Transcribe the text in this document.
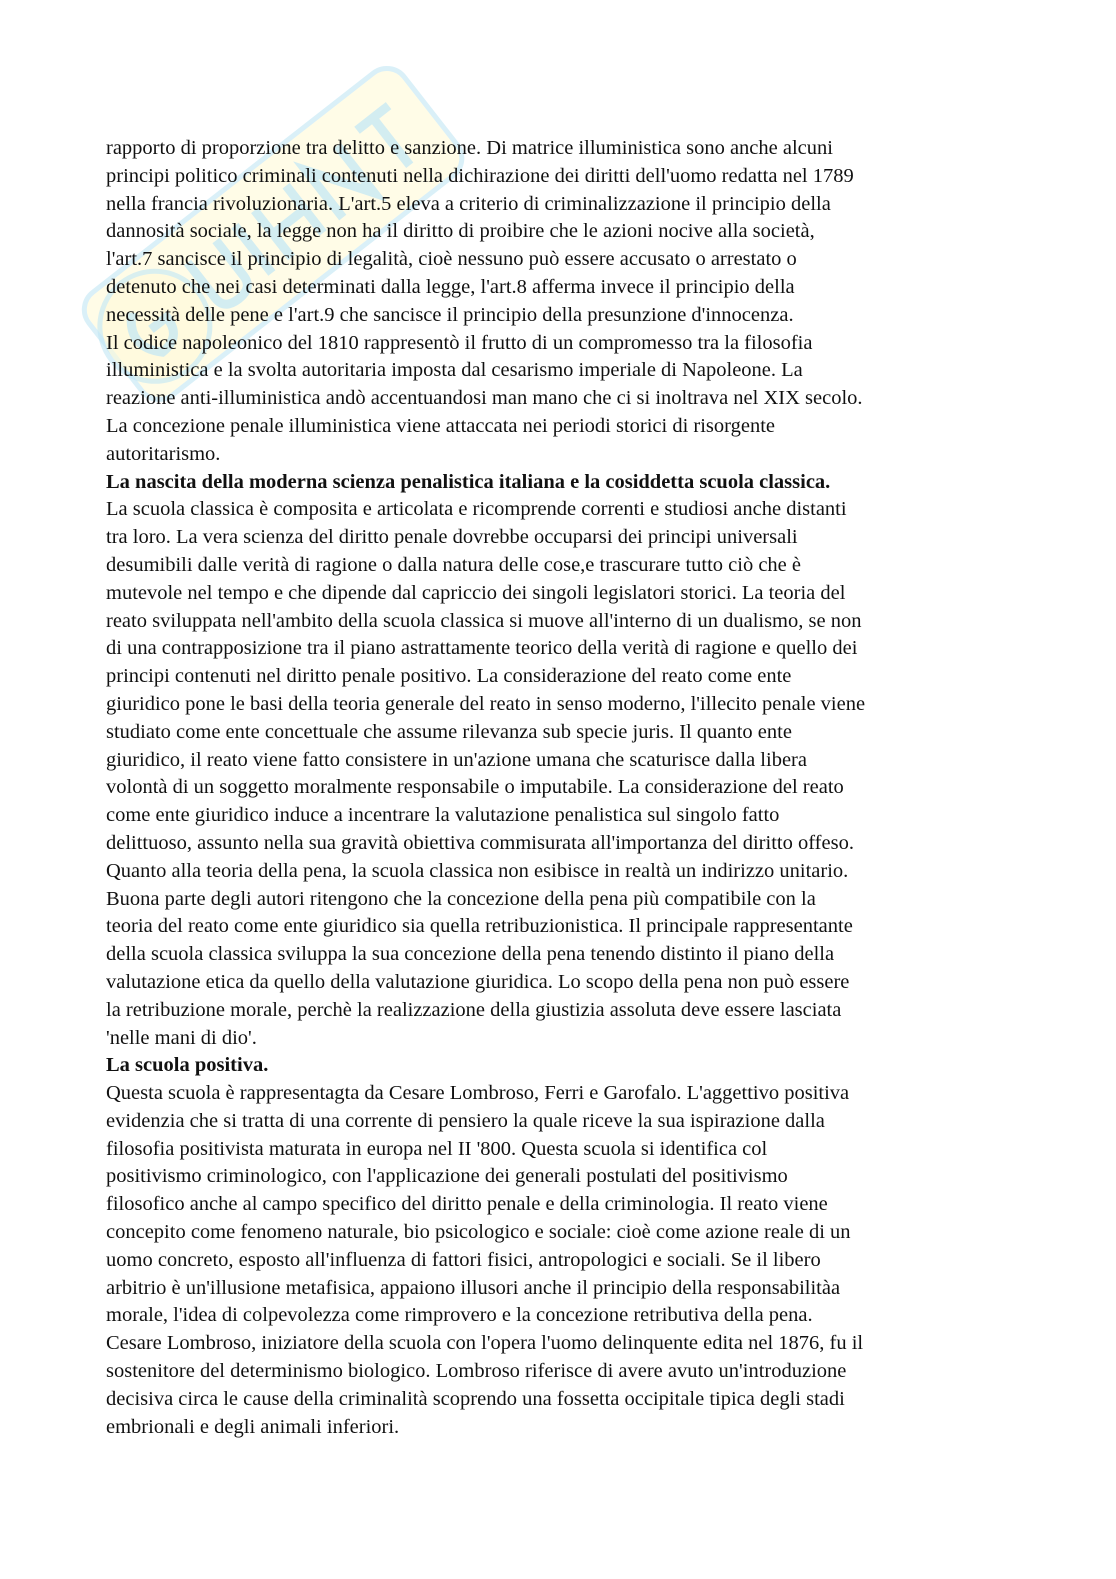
rapporto di proporzione tra delitto e sanzione. Di matrice illuministica sono anche alcuni
principi politico criminali contenuti nella dichirazione dei diritti dell'uomo redatta nel 1789
nella francia rivoluzionaria. L'art.5 eleva a criterio di criminalizzazione il principio della
dannosità sociale, la legge non ha il diritto di proibire che le azioni nocive alla società,
l'art.7 sancisce il principio di legalità, cioè nessuno può essere accusato o arrestato o
detenuto che nei casi determinati dalla legge, l'art.8 afferma invece il principio della
necessità delle pene e l'art.9 che sancisce il principio della presunzione d'innocenza.
Il codice napoleonico del 1810 rappresentò il frutto di un compromesso tra la filosofia
illuministica e la svolta autoritaria imposta dal cesarismo imperiale di Napoleone. La
reazione anti-illuministica andò accentuandosi man mano che ci si inoltrava nel XIX secolo.
La concezione penale illuministica viene attaccata nei periodi storici di risorgente
autoritarismo.
La nascita della moderna scienza penalistica italiana e la cosiddetta scuola classica.
La scuola classica è composita e articolata e ricomprende correnti e studiosi anche distanti
tra loro. La vera scienza del diritto penale dovrebbe occuparsi dei principi universali
desumibili dalle verità di ragione o dalla natura delle cose,e trascurare tutto ciò che è
mutevole nel tempo e che dipende dal capriccio dei singoli legislatori storici. La teoria del
reato sviluppata nell'ambito della scuola classica si muove all'interno di un dualismo, se non
di una contrapposizione tra il piano astrattamente teorico della verità di ragione e quello dei
principi contenuti nel diritto penale positivo. La considerazione del reato come ente
giuridico pone le basi della teoria generale del reato in senso moderno, l'illecito penale viene
studiato come ente concettuale che assume rilevanza sub specie juris. Il quanto ente
giuridico, il reato viene fatto consistere in un'azione umana che scaturisce dalla libera
volontà di un soggetto moralmente responsabile o imputabile. La considerazione del reato
come ente giuridico induce a incentrare la valutazione penalistica sul singolo fatto
delittuoso, assunto nella sua gravità obiettiva commisurata all'importanza del diritto offeso.
Quanto alla teoria della pena, la scuola classica non esibisce in realtà un indirizzo unitario.
Buona parte degli autori ritengono che la concezione della pena più compatibile con la
teoria del reato come ente giuridico sia quella retribuzionistica. Il principale rappresentante
della scuola classica sviluppa la sua concezione della pena tenendo distinto il piano della
valutazione etica da quello della valutazione giuridica. Lo scopo della pena non può essere
la retribuzione morale, perchè la realizzazione della giustizia assoluta deve essere lasciata
'nelle mani di dio'.
La scuola positiva.
Questa scuola è rappresentagta da Cesare Lombroso, Ferri e Garofalo. L'aggettivo positiva
evidenzia che si tratta di una corrente di pensiero la quale riceve la sua ispirazione dalla
filosofia positivista maturata in europa nel II '800. Questa scuola si identifica col
positivismo criminologico, con l'applicazione dei generali postulati del positivismo
filosofico anche al campo specifico del diritto penale e della criminologia. Il reato viene
concepito come fenomeno naturale, bio psicologico e sociale: cioè come azione reale di un
uomo concreto, esposto all'influenza di fattori fisici, antropologici e sociali. Se il libero
arbitrio è un'illusione metafisica, appaiono illusori anche il principio della responsabilitàa
morale, l'idea di colpevolezza come rimprovero e la concezione retributiva della pena.
Cesare Lombroso, iniziatore della scuola con l'opera l'uomo delinquente edita nel 1876, fu il
sostenitore del determinismo biologico. Lombroso riferisce di avere avuto un'introduzione
decisiva circa le cause della criminalità scoprendo una fossetta occipitale tipica degli stadi
embrionali e degli animali inferiori.
